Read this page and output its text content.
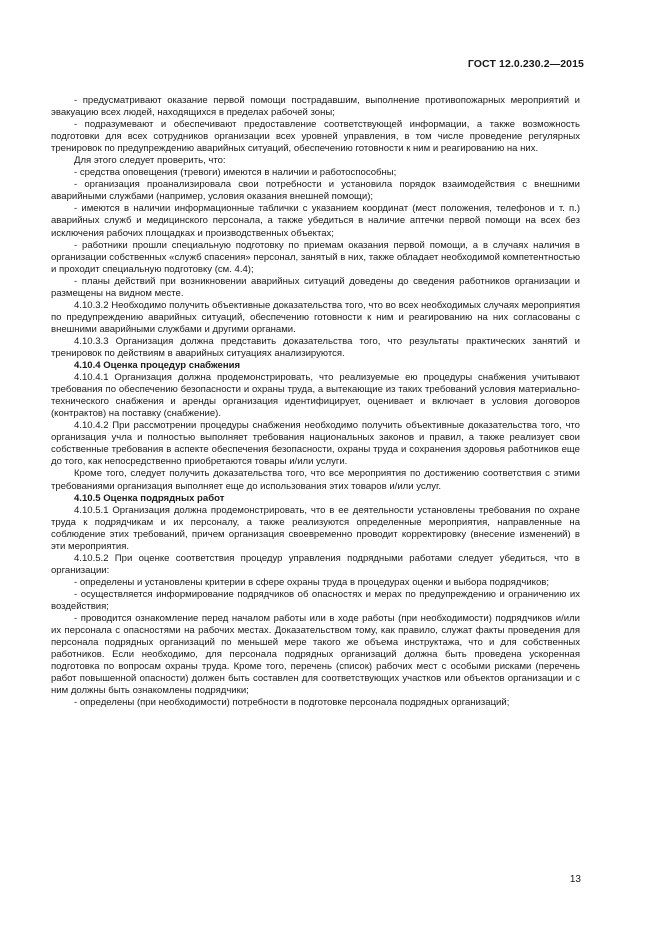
ГОСТ 12.0.230.2—2015

- предусматривают оказание первой помощи пострадавшим, выполнение противопожарных мероприятий и эвакуацию всех людей, находящихся в пределах рабочей зоны;

- подразумевают и обеспечивают предоставление соответствующей информации, а также возможность подготовки для всех сотрудников организации всех уровней управления, в том числе проведение регулярных тренировок по предупреждению аварийных ситуаций, обеспечению готовности к ним и реагированию на них.

Для этого следует проверить, что:

- средства оповещения (тревоги) имеются в наличии и работоспособны;

- организация проанализировала свои потребности и установила порядок взаимодействия с внешними аварийными службами (например, условия оказания внешней помощи);

- имеются в наличии информационные таблички с указанием координат (мест положения, телефонов и т. п.) аварийных служб и медицинского персонала, а также убедиться в наличие аптечки первой помощи на всех без исключения рабочих площадках и производственных объектах;

- работники прошли специальную подготовку по приемам оказания первой помощи, а в случаях наличия в организации собственных «служб спасения» персонал, занятый в них, также обладает необходимой компетентностью и проходит специальную подготовку (см. 4.4);

- планы действий при возникновении аварийных ситуаций доведены до сведения работников организации и размещены на видном месте.

4.10.3.2 Необходимо получить объективные доказательства того, что во всех необходимых случаях мероприятия по предупреждению аварийных ситуаций, обеспечению готовности к ним и реагированию на них согласованы с внешними аварийными службами и другими органами.

4.10.3.3 Организация должна представить доказательства того, что результаты практических занятий и тренировок по действиям в аварийных ситуациях анализируются.

4.10.4 Оценка процедур снабжения

4.10.4.1 Организация должна продемонстрировать, что реализуемые ею процедуры снабжения учитывают требования по обеспечению безопасности и охраны труда, а вытекающие из таких требований условия материально-технического снабжения и аренды организация идентифицирует, оценивает и включает в условия договоров (контрактов) на поставку (снабжение).

4.10.4.2 При рассмотрении процедуры снабжения необходимо получить объективные доказательства того, что организация учла и полностью выполняет требования национальных законов и правил, а также реализует свои собственные требования в аспекте обеспечения безопасности, охраны труда и сохранения здоровья работников еще до того, как непосредственно приобретаются товары и/или услуги.

Кроме того, следует получить доказательства того, что все мероприятия по достижению соответствия с этими требованиями организация выполняет еще до использования этих товаров и/или услуг.

4.10.5 Оценка подрядных работ

4.10.5.1 Организация должна продемонстрировать, что в ее деятельности установлены требования по охране труда к подрядчикам и их персоналу, а также реализуются определенные мероприятия, направленные на соблюдение этих требований, причем организация своевременно проводит корректировку (внесение изменений) в эти мероприятия.

4.10.5.2 При оценке соответствия процедур управления подрядными работами следует убедиться, что в организации:

- определены и установлены критерии в сфере охраны труда в процедурах оценки и выбора подрядчиков;

- осуществляется информирование подрядчиков об опасностях и мерах по предупреждению и ограничению их воздействия;

- проводится ознакомление перед началом работы или в ходе работы (при необходимости) подрядчиков и/или их персонала с опасностями на рабочих местах. Доказательством тому, как правило, служат факты проведения для персонала подрядных организаций по меньшей мере такого же объема инструктажа, что и для собственных работников. Если необходимо, для персонала подрядных организаций должна быть проведена ускоренная подготовка по вопросам охраны труда. Кроме того, перечень (список) рабочих мест с особыми рисками (перечень работ повышенной опасности) должен быть составлен для соответствующих участков или объектов организации и с ним должны быть ознакомлены подрядчики;

- определены (при необходимости) потребности в подготовке персонала подрядных организаций;

13
